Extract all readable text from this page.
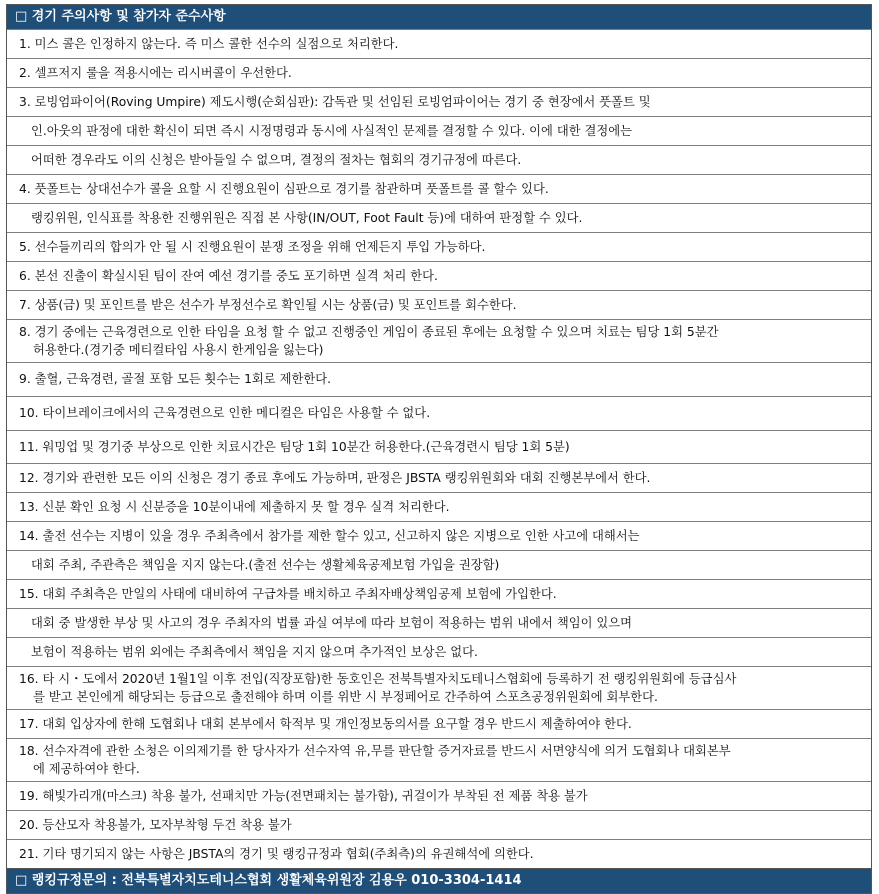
□ 경기 주의사항 및 참가자 준수사항
1. 미스 콜은 인정하지 않는다. 즉 미스 콜한 선수의 실점으로 처리한다.
2. 셀프저지 룰을 적용시에는 리시버콜이 우선한다.
3. 로빙엄파이어(Roving Umpire) 제도시행(순회심판): 감독관 및 선임된 로빙엄파이어는 경기 중 현장에서 풋폴트 및
인.아웃의 판정에 대한 확신이 되면 즉시 시정명령과 동시에 사실적인 문제를 결정할 수 있다. 이에 대한 결정에는
어떠한 경우라도 이의 신청은 받아들일 수 없으며, 결정의 절차는 협회의 경기규정에 따른다.
4. 풋폴트는 상대선수가 콜을 요할 시 진행요원이 심판으로 경기를 참관하며 풋폴트를 콜 할수 있다.
랭킹위원, 인식표를 착용한 진행위원은 직접 본 사항(IN/OUT, Foot Fault 등)에 대하여 판정할 수 있다.
5. 선수들끼리의 합의가 안 될 시 진행요원이 분쟁 조정을 위해 언제든지 투입 가능하다.
6. 본선 진출이 확실시된 팀이 잔여 예선 경기를 중도 포기하면 실격 처리 한다.
7. 상품(금) 및 포인트를 받은 선수가 부정선수로 확인될 시는 상품(금) 및 포인트를 회수한다.
8. 경기 중에는 근육경련으로 인한 타임을 요청 할 수 없고 진행중인 게임이 종료된 후에는 요청할 수 있으며 치료는 팀당 1회 5분간
허용한다.(경기중 메티컬타임 사용시 한게임을 잃는다)
9. 출혈, 근육경련, 골절 포함 모든 횟수는 1회로 제한한다.
10. 타이브레이크에서의 근육경련으로 인한 메디컬은 타임은 사용할 수 없다.
11. 워밍업 및 경기중 부상으로 인한 치료시간은 팀당 1회 10분간 허용한다.(근육경련시 팀당 1회 5분)
12. 경기와 관련한 모든 이의 신청은 경기 종료 후에도 가능하며, 판정은 JBSTA 랭킹위원회와 대회 진행본부에서 한다.
13. 신분 확인 요청 시 신분증을 10분이내에 제출하지 못 할 경우 실격 처리한다.
14. 출전 선수는 지병이 있을 경우 주최측에서 참가를 제한 할수 있고, 신고하지 않은 지병으로 인한 사고에 대해서는
대회 주최, 주관측은 책임을 지지 않는다.(출전 선수는 생활체육공제보험 가입을 권장함)
15. 대회 주최측은 만일의 사태에 대비하여 구급차를 배치하고 주최자배상책임공제 보험에 가입한다.
대회 중 발생한 부상 및 사고의 경우 주최자의 법률 과실 여부에 따라 보험이 적용하는 범위 내에서 책임이 있으며
보험이 적용하는 범위 외에는 주최측에서 책임을 지지 않으며 추가적인 보상은 없다.
16. 타 시・도에서 2020년 1월1일 이후 전입(직장포함)한 동호인은 전북특별자치도테니스협회에 등록하기 전 랭킹위원회에 등급심사
를 받고 본인에게 해당되는 등급으로 출전해야 하며 이를 위반 시 부정페어로 간주하여 스포츠공정위원회에 회부한다.
17. 대회 입상자에 한해 도협회나 대회 본부에서 학적부 및 개인정보동의서를 요구할 경우 반드시 제출하여야 한다.
18. 선수자격에 관한 소청은 이의제기를 한 당사자가 선수자역 유,무를 판단할 증거자료를 반드시 서면양식에 의거 도협회나 대회본부
에 제공하여야 한다.
19. 해빛가리개(마스크) 착용 불가, 선패치만 가능(전면패치는 불가함), 귀걸이가 부착된 전 제품 착용 불가
20. 등산모자 착용불가, 모자부착형 두건 착용 불가
21. 기타 명기되지 않는 사항은 JBSTA의 경기 및 랭킹규정과 협회(주최측)의 유권해석에 의한다.
□ 랭킹규정문의 : 전북특별자치도테니스협회 생활체육위원장 김용우 010-3304-1414
